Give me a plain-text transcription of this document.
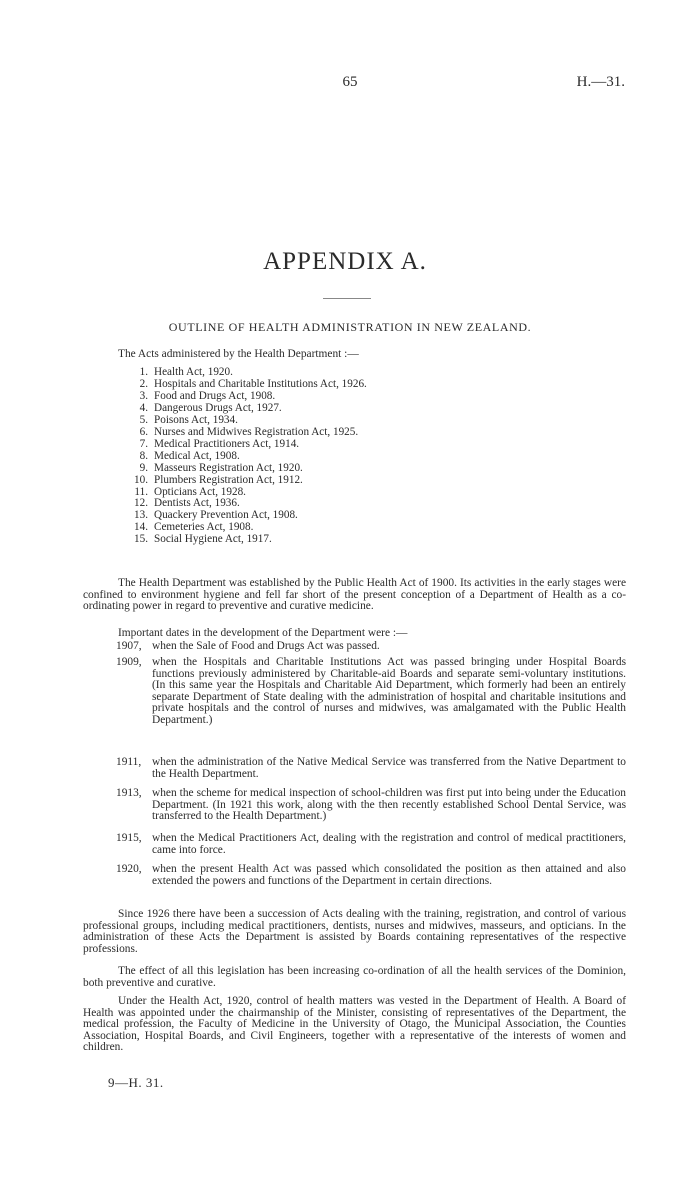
65	H.—31.
APPENDIX A.
OUTLINE OF HEALTH ADMINISTRATION IN NEW ZEALAND.
The Acts administered by the Health Department :—
1. Health Act, 1920.
2. Hospitals and Charitable Institutions Act, 1926.
3. Food and Drugs Act, 1908.
4. Dangerous Drugs Act, 1927.
5. Poisons Act, 1934.
6. Nurses and Midwives Registration Act, 1925.
7. Medical Practitioners Act, 1914.
8. Medical Act, 1908.
9. Masseurs Registration Act, 1920.
10. Plumbers Registration Act, 1912.
11. Opticians Act, 1928.
12. Dentists Act, 1936.
13. Quackery Prevention Act, 1908.
14. Cemeteries Act, 1908.
15. Social Hygiene Act, 1917.

The Health Department was established by the Public Health Act of 1900. Its activities in the early stages were confined to environment hygiene and fell far short of the present conception of a Department of Health as a co-ordinating power in regard to preventive and curative medicine.

Important dates in the development of the Department were :—
1907, when the Sale of Food and Drugs Act was passed.
1909, when the Hospitals and Charitable Institutions Act was passed bringing under Hospital Boards functions previously administered by Charitable-aid Boards and separate semi-voluntary institutions. (In this same year the Hospitals and Charitable Aid Department, which formerly had been an entirely separate Department of State dealing with the administration of hospital and charitable insitutions and private hospitals and the control of nurses and midwives, was amalgamated with the Public Health Department.)
1911, when the administration of the Native Medical Service was transferred from the Native Department to the Health Department.
1913, when the scheme for medical inspection of school-children was first put into being under the Education Department. (In 1921 this work, along with the then recently established School Dental Service, was transferred to the Health Department.)
1915, when the Medical Practitioners Act, dealing with the registration and control of medical practitioners, came into force.
1920, when the present Health Act was passed which consolidated the position as then attained and also extended the powers and functions of the Department in certain directions.

Since 1926 there have been a succession of Acts dealing with the training, registration, and control of various professional groups, including medical practitioners, dentists, nurses and midwives, masseurs, and opticians. In the administration of these Acts the Department is assisted by Boards containing representatives of the respective professions.

The effect of all this legislation has been increasing co-ordination of all the health services of the Dominion, both preventive and curative.

Under the Health Act, 1920, control of health matters was vested in the Department of Health. A Board of Health was appointed under the chairmanship of the Minister, consisting of representatives of the Department, the medical profession, the Faculty of Medicine in the University of Otago, the Municipal Association, the Counties Association, Hospital Boards, and Civil Engineers, together with a representative of the interests of women and children.

9—H. 31.
